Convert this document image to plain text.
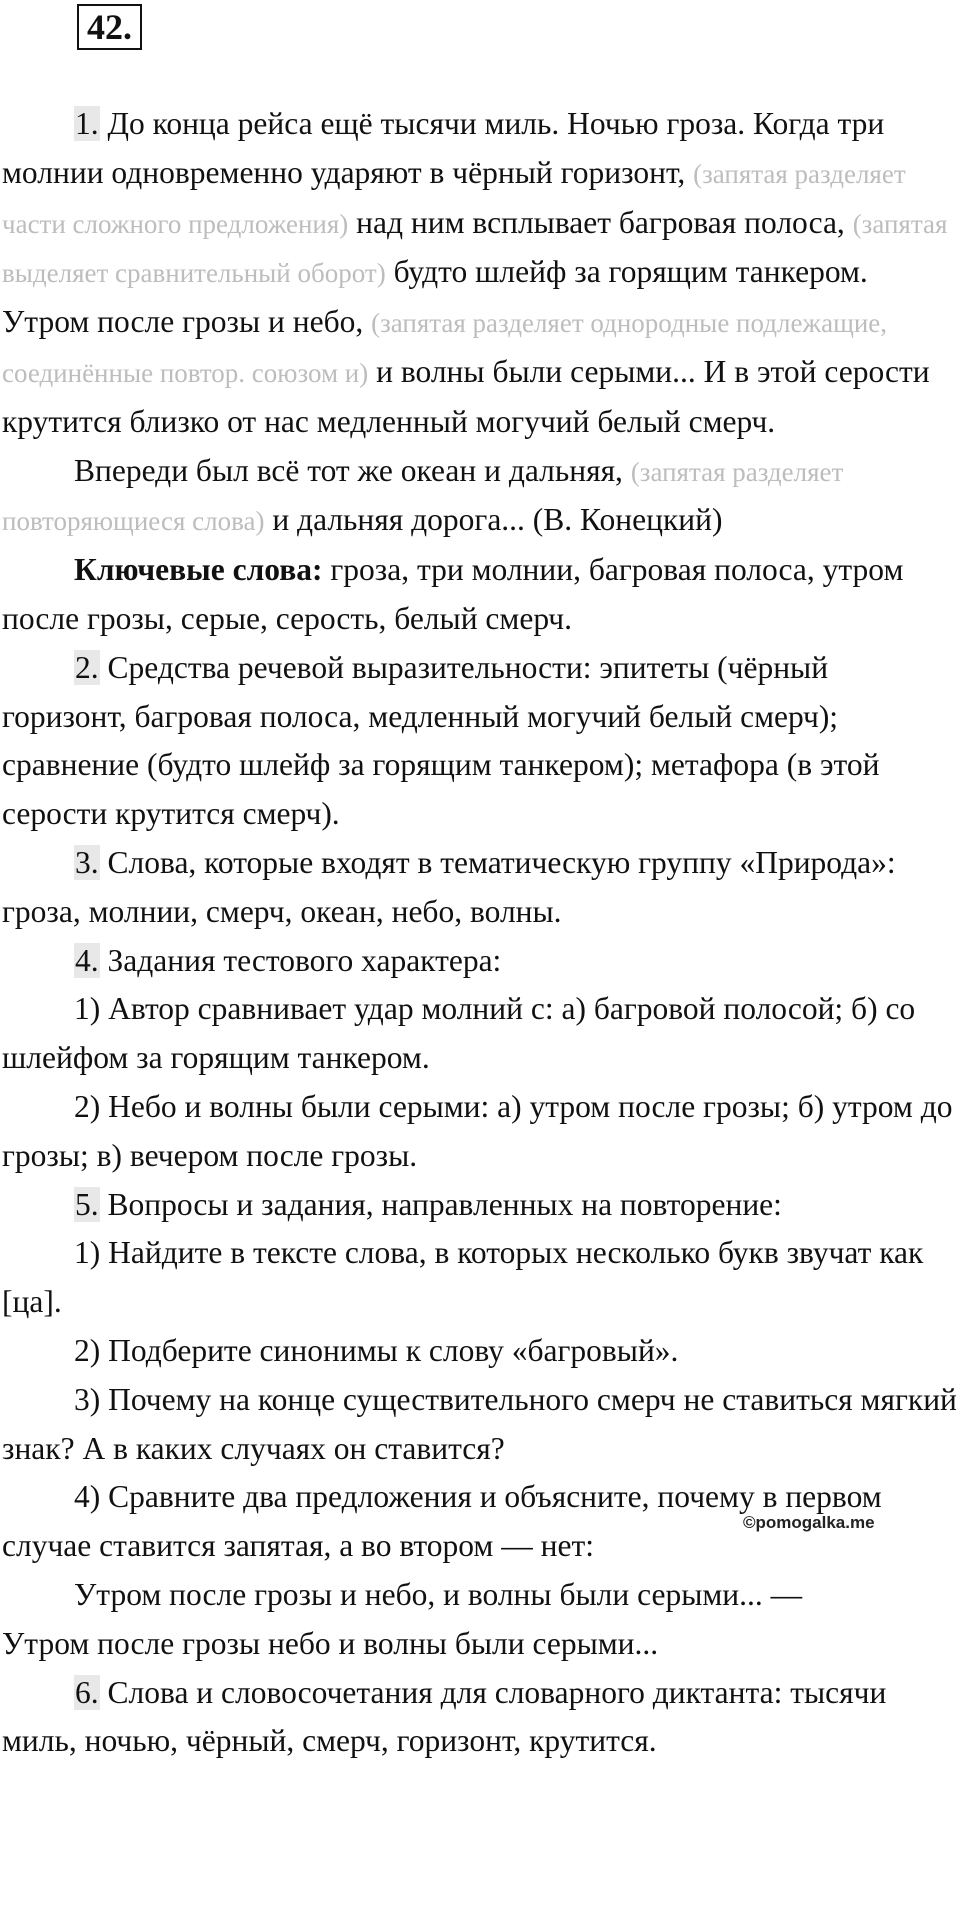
42.

1. До конца рейса ещё тысячи миль. Ночью гроза. Когда три молнии одновременно ударяют в чёрный горизонт, (запятая разделяет части сложного предложения) над ним всплывает багровая полоса, (запятая выделяет сравнительный оборот) будто шлейф за горящим танкером. Утром после грозы и небо, (запятая разделяет однородные подлежащие, соединённые повтор. союзом и) и волны были серыми... И в этой серости крутится близко от нас медленный могучий белый смерч.

Впереди был всё тот же океан и дальняя, (запятая разделяет повторяющиеся слова) и дальняя дорога... (В. Конецкий)

Ключевые слова: гроза, три молнии, багровая полоса, утром после грозы, серые, серость, белый смерч.

2. Средства речевой выразительности: эпитеты (чёрный горизонт, багровая полоса, медленный могучий белый смерч); сравнение (будто шлейф за горящим танкером); метафора (в этой серости крутится смерч).

3. Слова, которые входят в тематическую группу «Природа»: гроза, молнии, смерч, океан, небо, волны.

4. Задания тестового характера:

1) Автор сравнивает удар молний с: а) багровой полосой; б) со шлейфом за горящим танкером.

2) Небо и волны были серыми: а) утром после грозы; б) утром до грозы; в) вечером после грозы.

5. Вопросы и задания, направленных на повторение:

1) Найдите в тексте слова, в которых несколько букв звучат как [ца].

2) Подберите синонимы к слову «багровый».

3) Почему на конце существительного смерч не ставиться мягкий знак? А в каких случаях он ставится?

4) Сравните два предложения и объясните, почему в первом случае ставится запятая, а во втором — нет:

Утром после грозы и небо, и волны были серыми... —

Утром после грозы небо и волны были серыми...

6. Слова и словосочетания для словарного диктанта: тысячи миль, ночью, чёрный, смерч, горизонт, крутится.

©pomogalka.me
